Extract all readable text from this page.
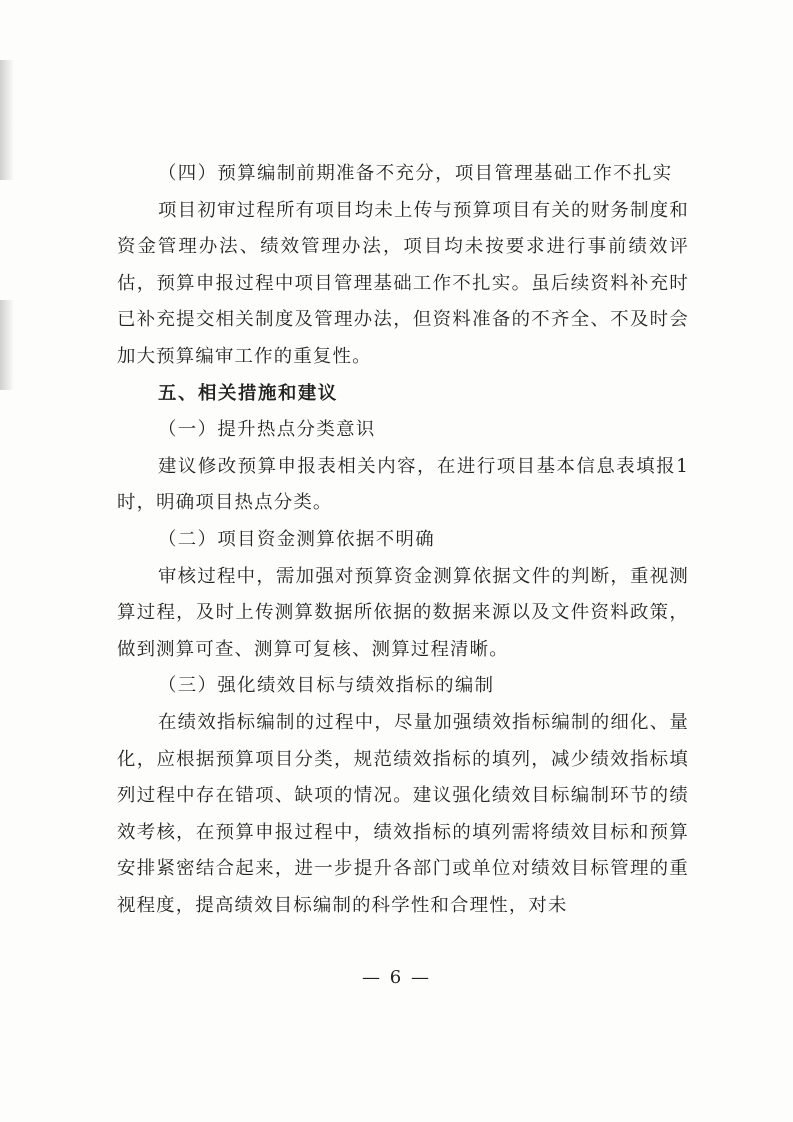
（四）预算编制前期准备不充分，项目管理基础工作不扎实

项目初审过程所有项目均未上传与预算项目有关的财务制度和资金管理办法、绩效管理办法，项目均未按要求进行事前绩效评估，预算申报过程中项目管理基础工作不扎实。虽后续资料补充时已补充提交相关制度及管理办法，但资料准备的不齐全、不及时会加大预算编审工作的重复性。

五、相关措施和建议

（一）提升热点分类意识

建议修改预算申报表相关内容，在进行项目基本信息表填报1时，明确项目热点分类。

（二）项目资金测算依据不明确

审核过程中，需加强对预算资金测算依据文件的判断，重视测算过程，及时上传测算数据所依据的数据来源以及文件资料政策，做到测算可查、测算可复核、测算过程清晰。

（三）强化绩效目标与绩效指标的编制

在绩效指标编制的过程中，尽量加强绩效指标编制的细化、量化，应根据预算项目分类，规范绩效指标的填列，减少绩效指标填列过程中存在错项、缺项的情况。建议强化绩效目标编制环节的绩效考核，在预算申报过程中，绩效指标的填列需将绩效目标和预算安排紧密结合起来，进一步提升各部门或单位对绩效目标管理的重视程度，提高绩效目标编制的科学性和合理性，对未

— 6 —
